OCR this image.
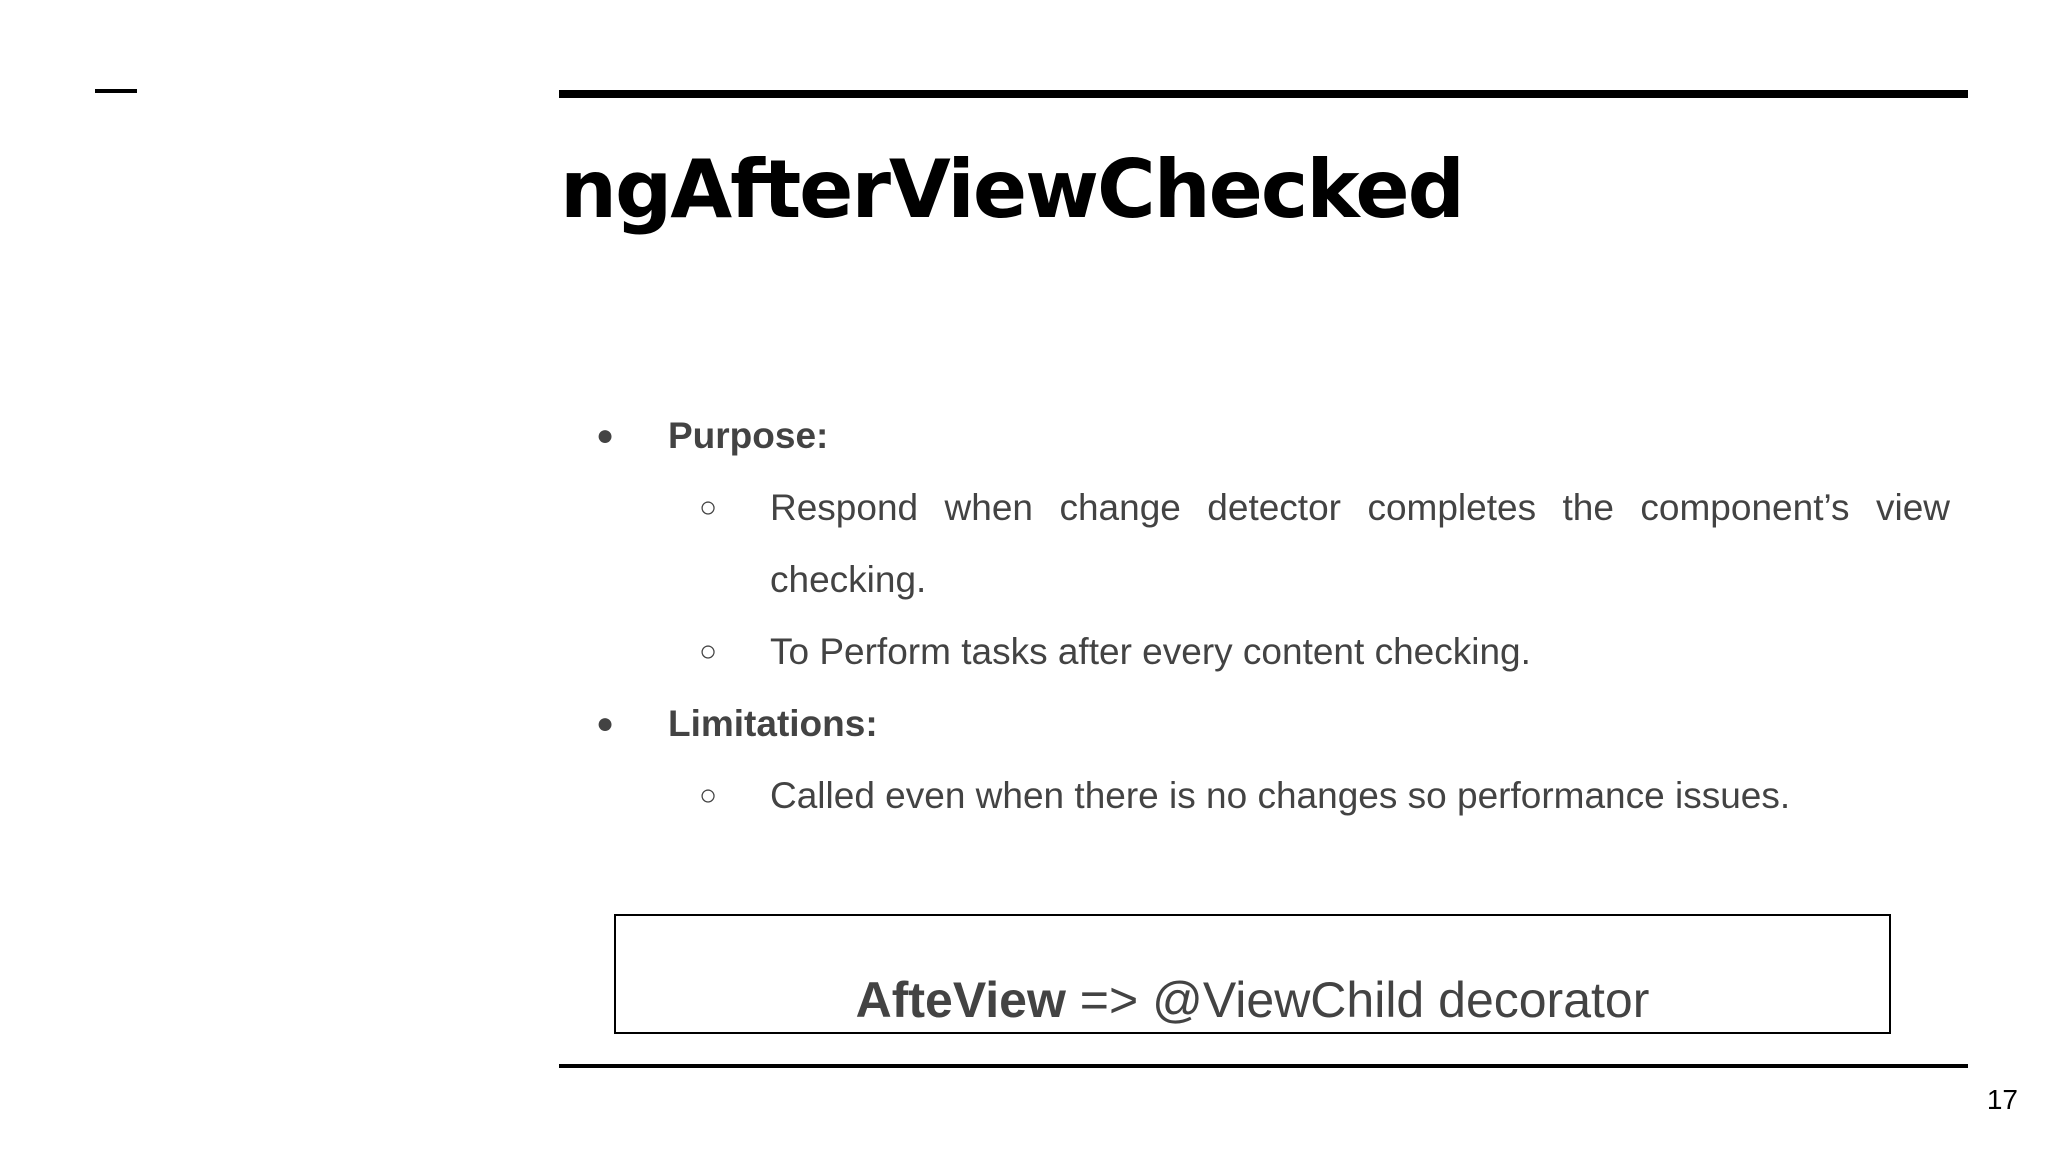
ngAfterViewChecked
●	Purpose:
○	Respond when change detector completes the component’s view
checking.
○	To Perform tasks after every content checking.
●	Limitations:
○	Called even when there is no changes so performance issues.
AfteView => @ViewChild decorator
17
